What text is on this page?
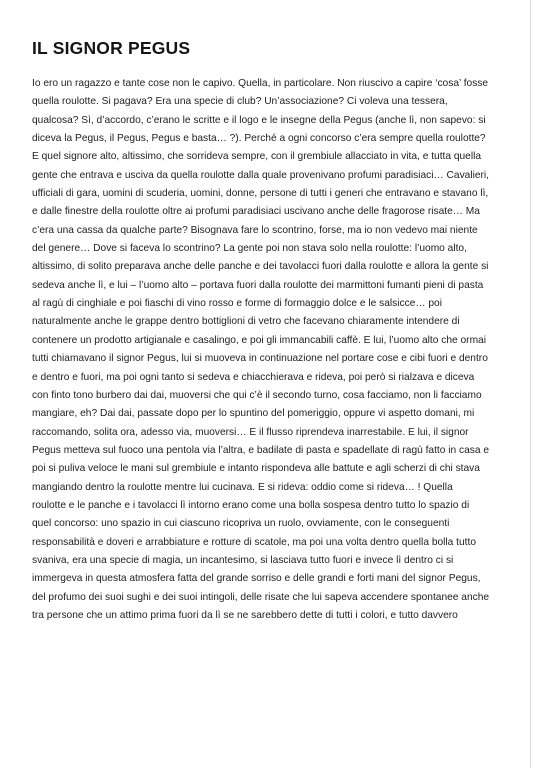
IL SIGNOR PEGUS
Io ero un ragazzo e tante cose non le capivo. Quella, in particolare. Non riuscivo a capire ‘cosa’ fosse
quella roulotte. Si pagava? Era una specie di club? Un’associazione? Ci voleva una tessera,
qualcosa? Sì, d’accordo, c’erano le scritte e il logo e le insegne della Pegus (anche lì, non sapevo: si
diceva la Pegus, il Pegus, Pegus e basta… ?). Perché a ogni concorso c’era sempre quella roulotte?
E quel signore alto, altissimo, che sorrideva sempre, con il grembiule allacciato in vita, e tutta quella
gente che entrava e usciva da quella roulotte dalla quale provenivano profumi paradisiaci… Cavalieri,
ufficiali di gara, uomini di scuderia, uomini, donne, persone di tutti i generi che entravano e stavano lì,
e dalle finestre della roulotte oltre ai profumi paradisiaci uscivano anche delle fragorose risate… Ma
c’era una cassa da qualche parte? Bisognava fare lo scontrino, forse, ma io non vedevo mai niente
del genere… Dove si faceva lo scontrino? La gente poi non stava solo nella roulotte: l’uomo alto,
altissimo, di solito preparava anche delle panche e dei tavolacci fuori dalla roulotte e allora la gente si
sedeva anche lì, e lui – l’uomo alto – portava fuori dalla roulotte dei marmittoni fumanti pieni di pasta
al ragù di cinghiale e poi fiaschi di vino rosso e forme di formaggio dolce e le salsicce… poi
naturalmente anche le grappe dentro bottiglioni di vetro che facevano chiaramente intendere di
contenere un prodotto artigianale e casalingo, e poi gli immancabili caffè. E lui, l’uomo alto che ormai
tutti chiamavano il signor Pegus, lui si muoveva in continuazione nel portare cose e cibi fuori e dentro
e dentro e fuori, ma poi ogni tanto si sedeva e chiacchierava e rideva, poi però si rialzava e diceva
con finto tono burbero dai dai, muoversi che qui c’è il secondo turno, cosa facciamo, non li facciamo
mangiare, eh? Dai dai, passate dopo per lo spuntino del pomeriggio, oppure vi aspetto domani, mi
raccomando, solita ora, adesso via, muoversi… E il flusso riprendeva inarrestabile. E lui, il signor
Pegus metteva sul fuoco una pentola via l’altra, e badilate di pasta e spadellate di ragù fatto in casa e
poi si puliva veloce le mani sul grembiule e intanto rispondeva alle battute e agli scherzi di chi stava
mangiando dentro la roulotte mentre lui cucinava. E si rideva: oddio come si rideva… ! Quella
roulotte e le panche e i tavolacci lì intorno erano come una bolla sospesa dentro tutto lo spazio di
quel concorso: uno spazio in cui ciascuno ricopriva un ruolo, ovviamente, con le conseguenti
responsabilità e doveri e arrabbiature e rotture di scatole, ma poi una volta dentro quella bolla tutto
svaniva, era una specie di magia, un incantesimo, si lasciava tutto fuori e invece lì dentro ci si
immergeva in questa atmosfera fatta del grande sorriso e delle grandi e forti mani del signor Pegus,
del profumo dei suoi sughi e dei suoi intingoli, delle risate che lui sapeva accendere spontanee anche
tra persone che un attimo prima fuori da lì se ne sarebbero dette di tutti i colori, e tutto davvero
